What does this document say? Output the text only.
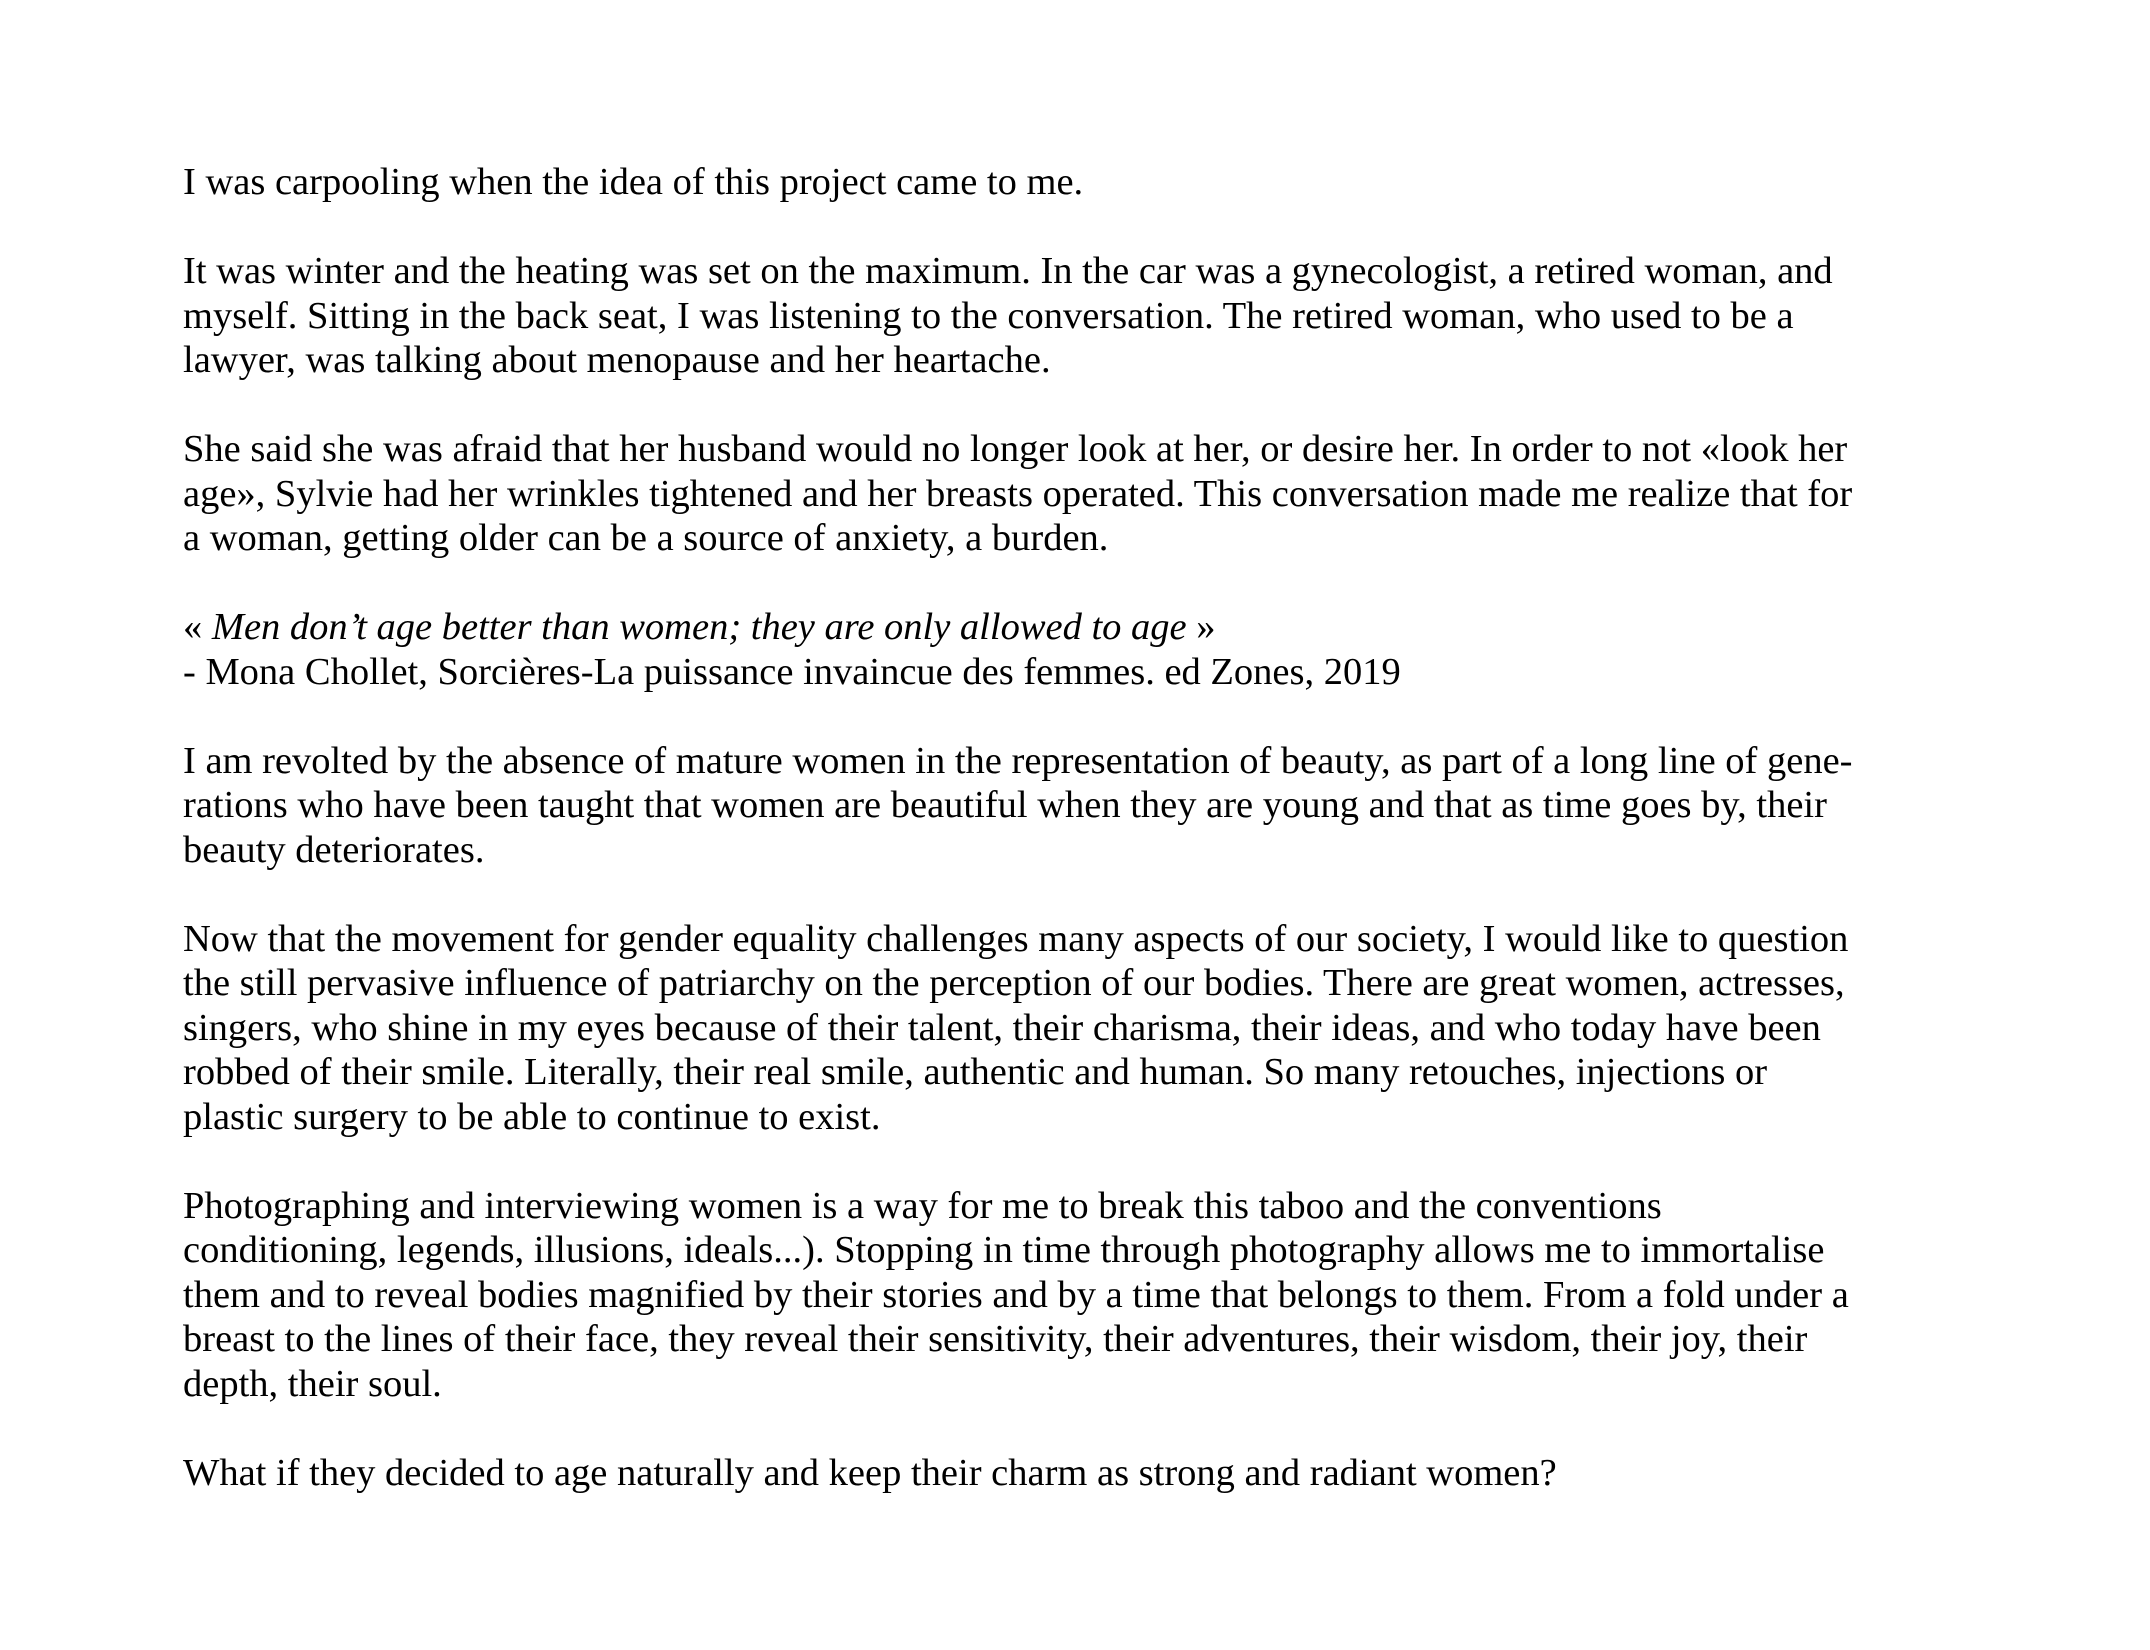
I was carpooling when the idea of this project came to me.

It was winter and the heating was set on the maximum. In the car was a gynecologist, a retired woman, and
myself. Sitting in the back seat, I was listening to the conversation. The retired woman, who used to be a
lawyer, was talking about menopause and her heartache.

She said she was afraid that her husband would no longer look at her, or desire her. In order to not «look her
age», Sylvie had her wrinkles tightened and her breasts operated. This conversation made me realize that for
a woman, getting older can be a source of anxiety, a burden.

« Men don’t age better than women; they are only allowed to age »
- Mona Chollet, Sorcières-La puissance invaincue des femmes. ed Zones, 2019

I am revolted by the absence of mature women in the representation of beauty, as part of a long line of gene-
rations who have been taught that women are beautiful when they are young and that as time goes by, their
beauty deteriorates.

Now that the movement for gender equality challenges many aspects of our society, I would like to question
the still pervasive influence of patriarchy on the perception of our bodies. There are great women, actresses,
singers, who shine in my eyes because of their talent, their charisma, their ideas, and who today have been
robbed of their smile. Literally, their real smile, authentic and human. So many retouches, injections or
plastic surgery to be able to continue to exist.

Photographing and interviewing women is a way for me to break this taboo and the conventions
conditioning, legends, illusions, ideals...). Stopping in time through photography allows me to immortalise
them and to reveal bodies magnified by their stories and by a time that belongs to them. From a fold under a
breast to the lines of their face, they reveal their sensitivity, their adventures, their wisdom, their joy, their
depth, their soul.

What if they decided to age naturally and keep their charm as strong and radiant women?
